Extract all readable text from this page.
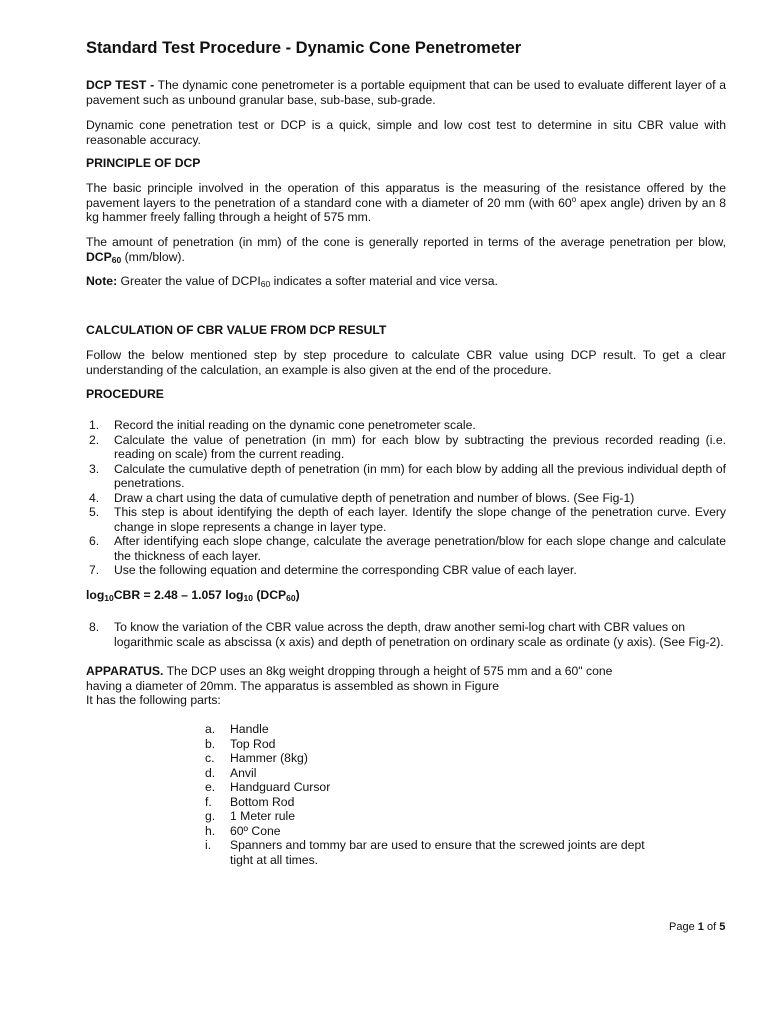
Standard Test Procedure - Dynamic Cone Penetrometer
DCP TEST - The dynamic cone penetrometer is a portable equipment that can be used to evaluate different layer of a pavement such as unbound granular base, sub-base, sub-grade.
Dynamic cone penetration test or DCP is a quick, simple and low cost test to determine in situ CBR value with reasonable accuracy.
PRINCIPLE OF DCP
The basic principle involved in the operation of this apparatus is the measuring of the resistance offered by the pavement layers to the penetration of a standard cone with a diameter of 20 mm (with 60$^o$ apex angle) driven by an 8 kg hammer freely falling through a height of 575 mm.
The amount of penetration (in mm) of the cone is generally reported in terms of the average penetration per blow, $DCP_{60}$ (mm/blow).
Note: Greater the value of $DCPI_{60}$ indicates a softer material and vice versa.
CALCULATION OF CBR VALUE FROM DCP RESULT
Follow the below mentioned step by step procedure to calculate CBR value using DCP result. To get a clear understanding of the calculation, an example is also given at the end of the procedure.
PROCEDURE
1. Record the initial reading on the dynamic cone penetrometer scale.
2. Calculate the value of penetration (in mm) for each blow by subtracting the previous recorded reading (i.e. reading on scale) from the current reading.
3. Calculate the cumulative depth of penetration (in mm) for each blow by adding all the previous individual depth of penetrations.
4. Draw a chart using the data of cumulative depth of penetration and number of blows. (See Fig-1)
5. This step is about identifying the depth of each layer. Identify the slope change of the penetration curve. Every change in slope represents a change in layer type.
6. After identifying each slope change, calculate the average penetration/blow for each slope change and calculate the thickness of each layer.
7. Use the following equation and determine the corresponding CBR value of each layer.
$\log_{10}CBR = 2.48 - 1.057$ $\log_{10} (DCP_{60})$
8.	To know the variation of the CBR value across the depth, draw another semi-log chart with CBR values on logarithmic scale as abscissa (x axis) and depth of penetration on ordinary scale as ordinate (y axis). (See Fig-2).
APPARATUS. The DCP uses an 8kg weight dropping through a height of 575 mm and a 60" cone
having a diameter of 20mm. The apparatus is assembled as shown in Figure
It has the following parts:
a. Handle
b. Top Rod
c. Hammer (8kg)
d. Anvil
e. Handguard Cursor
f. Bottom Rod
g. 1 Meter rule
h. 60º Cone
i. Spanners and tommy bar are used to ensure that the screwed joints are dept tight at all times.
Page 1 of 5
